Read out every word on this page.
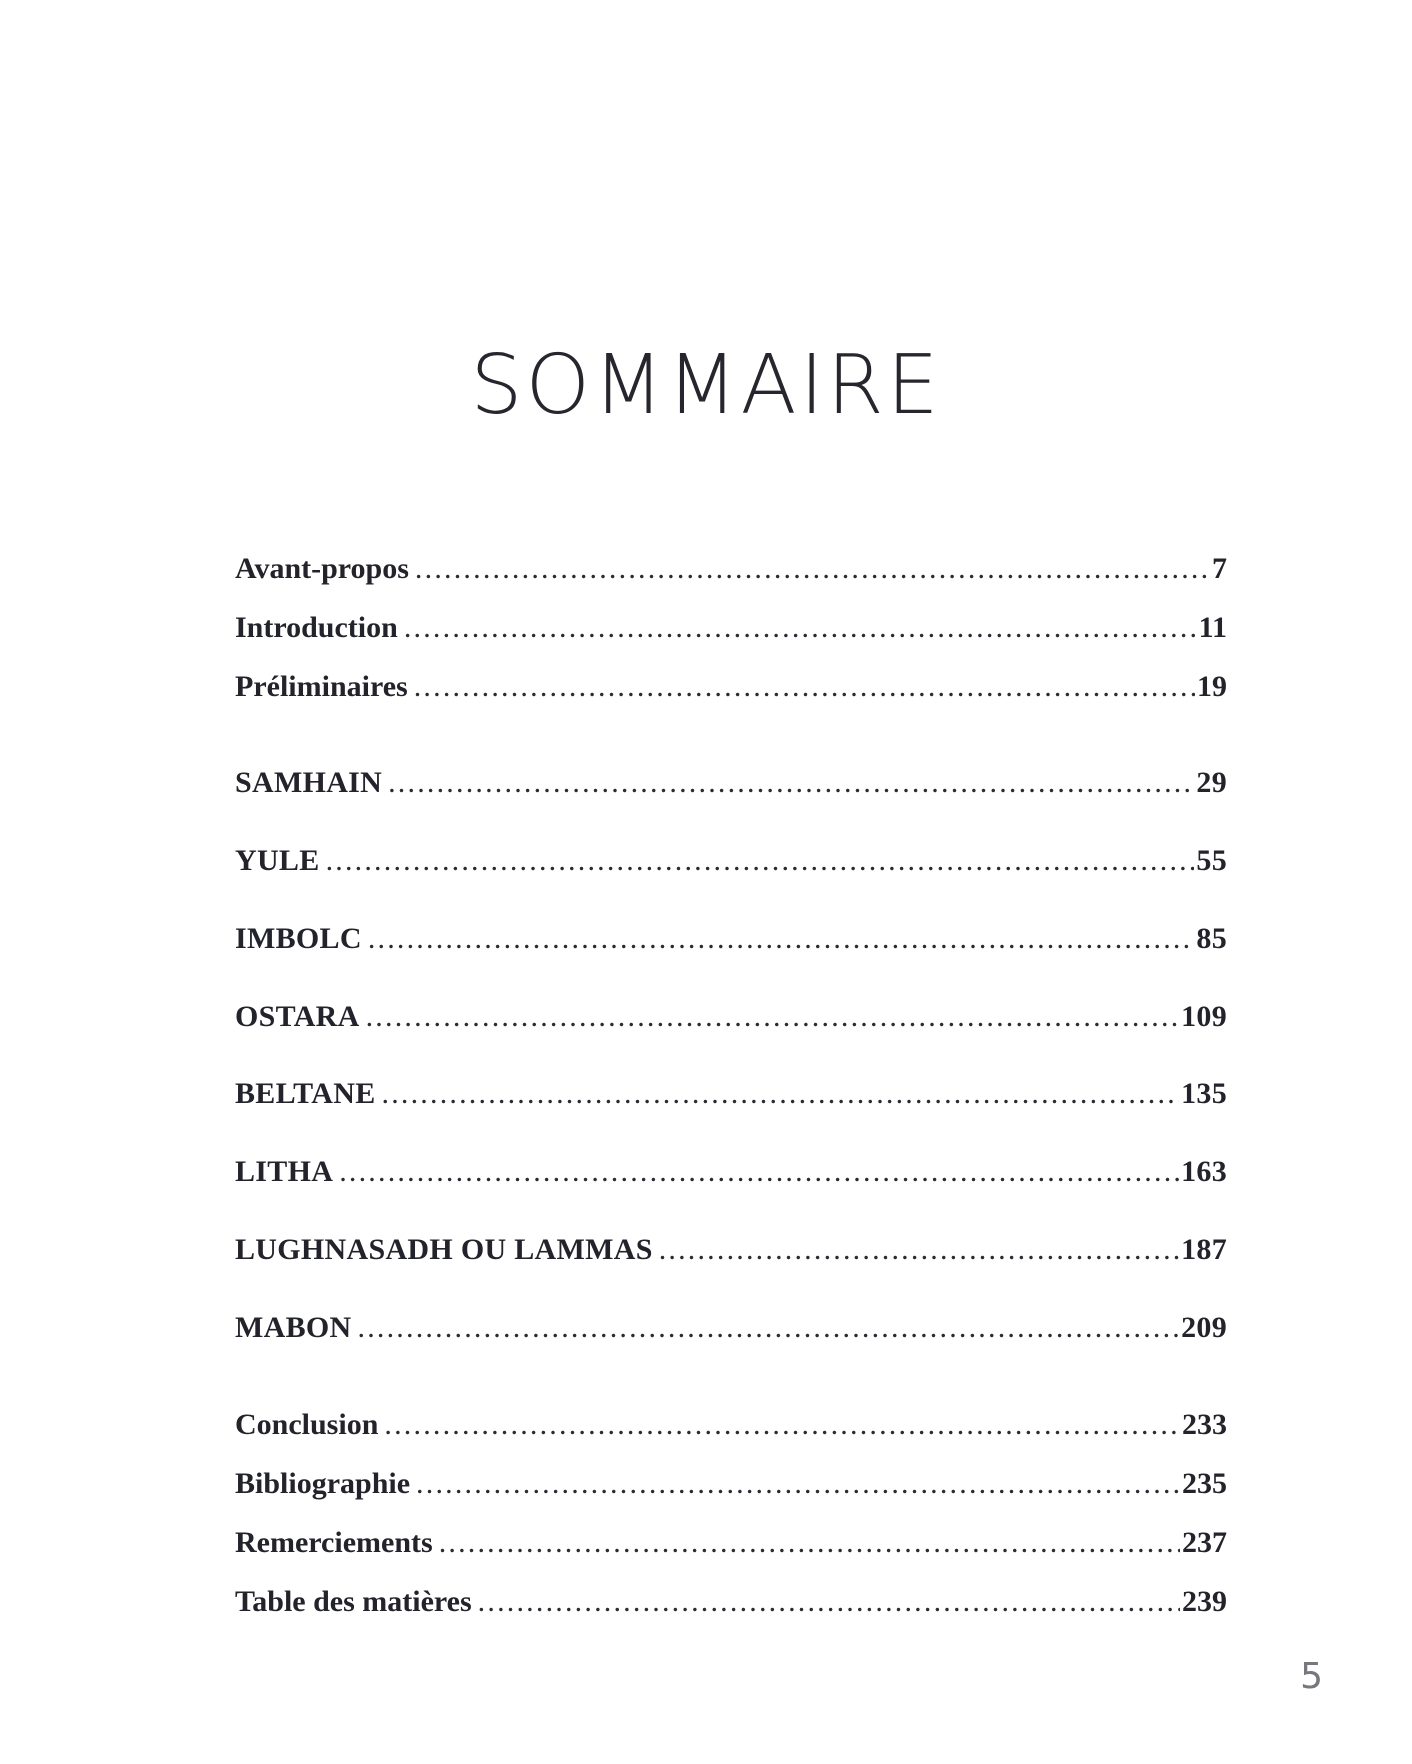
SOMMAIRE
Avant-propos .....	7
Introduction .....	11
Préliminaires .....	19
SAMHAIN .....	29
YULE .....	55
IMBOLC .....	85
OSTARA .....	109
BELTANE .....	135
LITHA .....	163
LUGHNASADH OU LAMMAS .....	187
MABON .....	209
Conclusion .....	233
Bibliographie .....	235
Remerciements .....	237
Table des matières .....	239
5
